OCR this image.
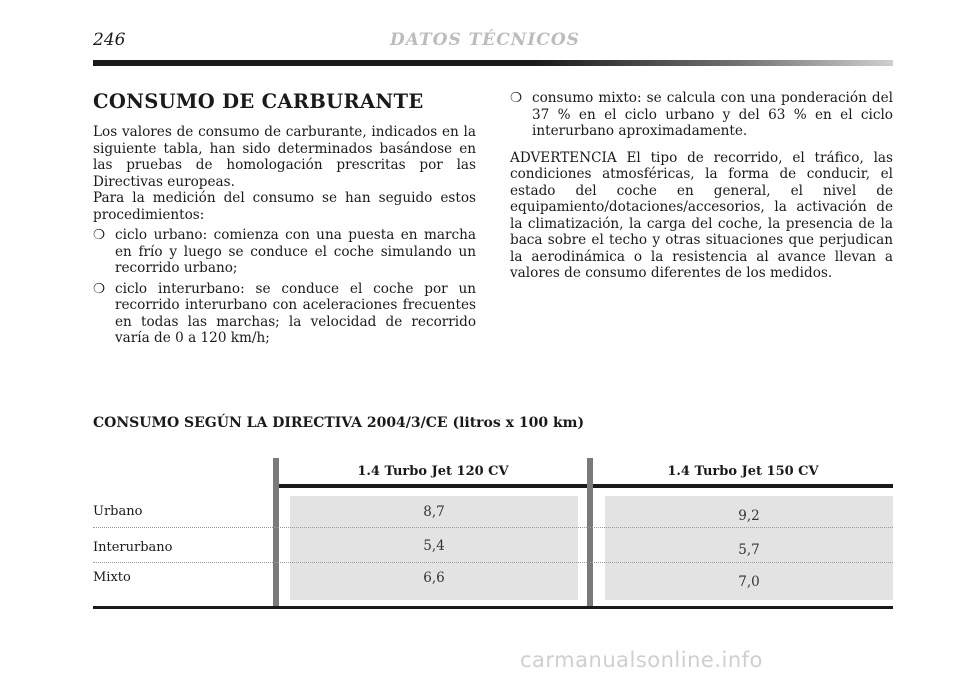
246	DATOS TÉCNICOS
CONSUMO DE CARBURANTE

Los valores de consumo de carburante, indicados en la siguiente tabla, han sido determinados basándose en las pruebas de homologación prescritas por las Directivas europeas.

Para la medición del consumo se han seguido estos procedimientos:

❍ ciclo urbano: comienza con una puesta en marcha en frío y luego se conduce el coche simulando un recorrido urbano;
❍ ciclo interurbano: se conduce el coche por un recorrido interurbano con aceleraciones frecuentes en todas las marchas; la velocidad de recorrido varía de 0 a 120 km/h;
❍ consumo mixto: se calcula con una ponderación del 37 % en el ciclo urbano y del 63 % en el ciclo interurbano aproximadamente.

ADVERTENCIA El tipo de recorrido, el tráfico, las condiciones atmosféricas, la forma de conducir, el estado del coche en general, el nivel de equipamiento/dotaciones/accesorios, la activación de la climatización, la carga del coche, la presencia de la baca sobre el techo y otras situaciones que perjudican la aerodinámica o la resistencia al avance llevan a valores de consumo diferentes de los medidos.

CONSUMO SEGÚN LA DIRECTIVA 2004/3/CE (litros x 100 km)
1.4 Turbo Jet 120 CV	1.4 Turbo Jet 150 CV
Urbano	8,7	9,2
Interurbano	5,4	5,7
Mixto	6,6	7,0
carmanualsonline.info
